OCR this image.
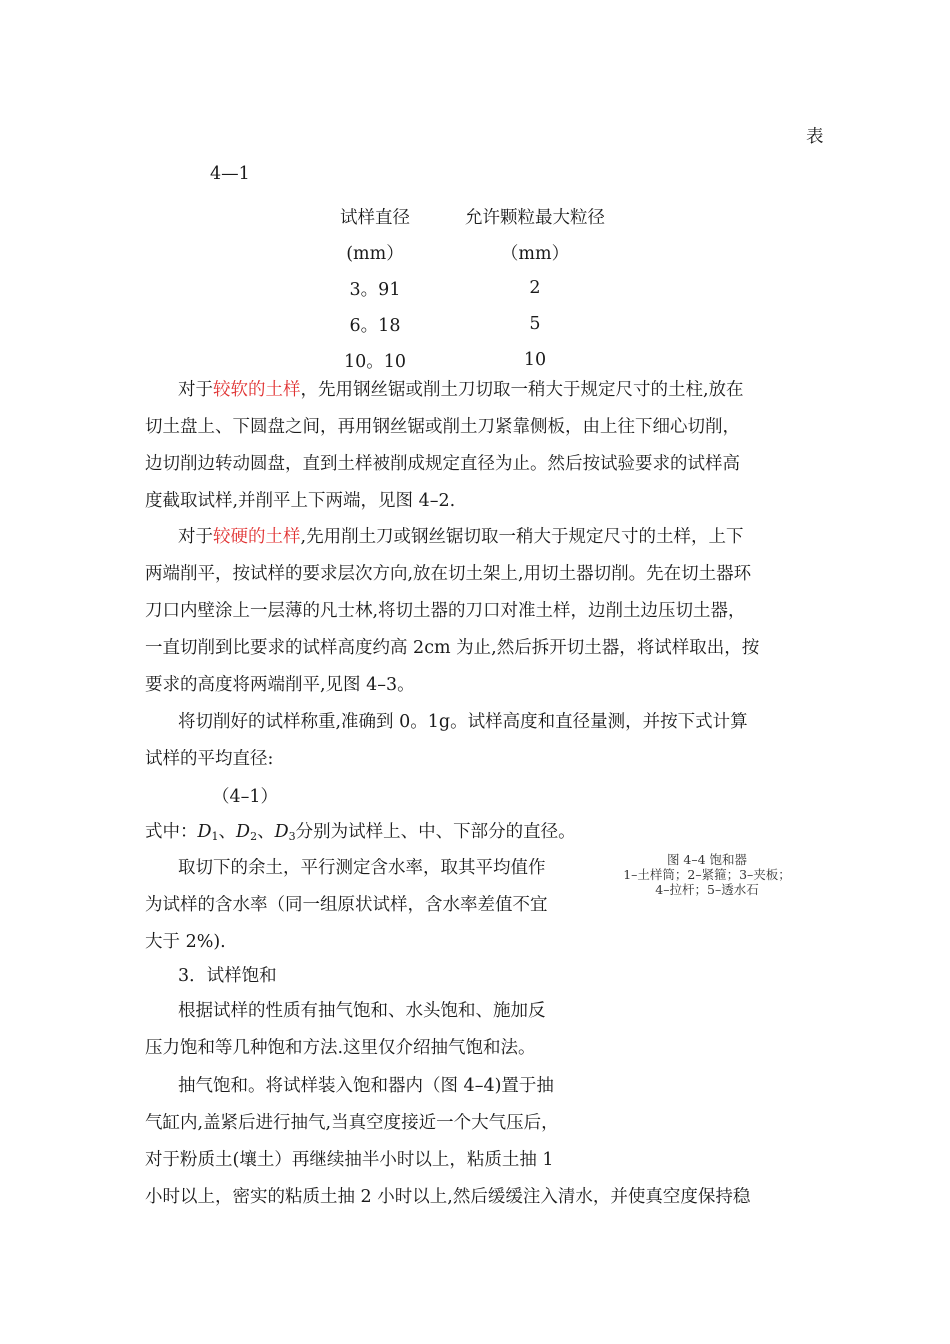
表
4—1
试样直径	允许颗粒最大粒径
(mm）	（mm）
3。91	2
6。18	5
10。10	10
对于较软的土样，先用钢丝锯或削土刀切取一稍大于规定尺寸的土柱,放在
切土盘上、下圆盘之间，再用钢丝锯或削土刀紧靠侧板，由上往下细心切削，
边切削边转动圆盘，直到土样被削成规定直径为止。然后按试验要求的试样高
度截取试样,并削平上下两端，见图 4–2.
对于较硬的土样,先用削土刀或钢丝锯切取一稍大于规定尺寸的土样，上下
两端削平，按试样的要求层次方向,放在切土架上,用切土器切削。先在切土器环
刀口内壁涂上一层薄的凡士林,将切土器的刀口对准土样，边削土边压切土器，
一直切削到比要求的试样高度约高 2cm 为止,然后拆开切土器，将试样取出，按
要求的高度将两端削平,见图 4–3。
将切削好的试样称重,准确到 0。1g。试样高度和直径量测，并按下式计算
试样的平均直径:
（4–1）
式中：$D_1$、$D_2$、$D_3$分别为试样上、中、下部分的直径。
取切下的余土，平行测定含水率，取其平均值作
为试样的含水率（同一组原状试样，含水率差值不宜
大于 2%).
图 4–4 饱和器
1–土样筒；2–紧箍；3–夹板；
4–拉杆；5–透水石
3．试样饱和
根据试样的性质有抽气饱和、水头饱和、施加反
压力饱和等几种饱和方法.这里仅介绍抽气饱和法。
抽气饱和。将试样装入饱和器内（图 4–4)置于抽
气缸内,盖紧后进行抽气,当真空度接近一个大气压后，
对于粉质土(壤土）再继续抽半小时以上，粘质土抽 1
小时以上，密实的粘质土抽 2 小时以上,然后缓缓注入清水，并使真空度保持稳
